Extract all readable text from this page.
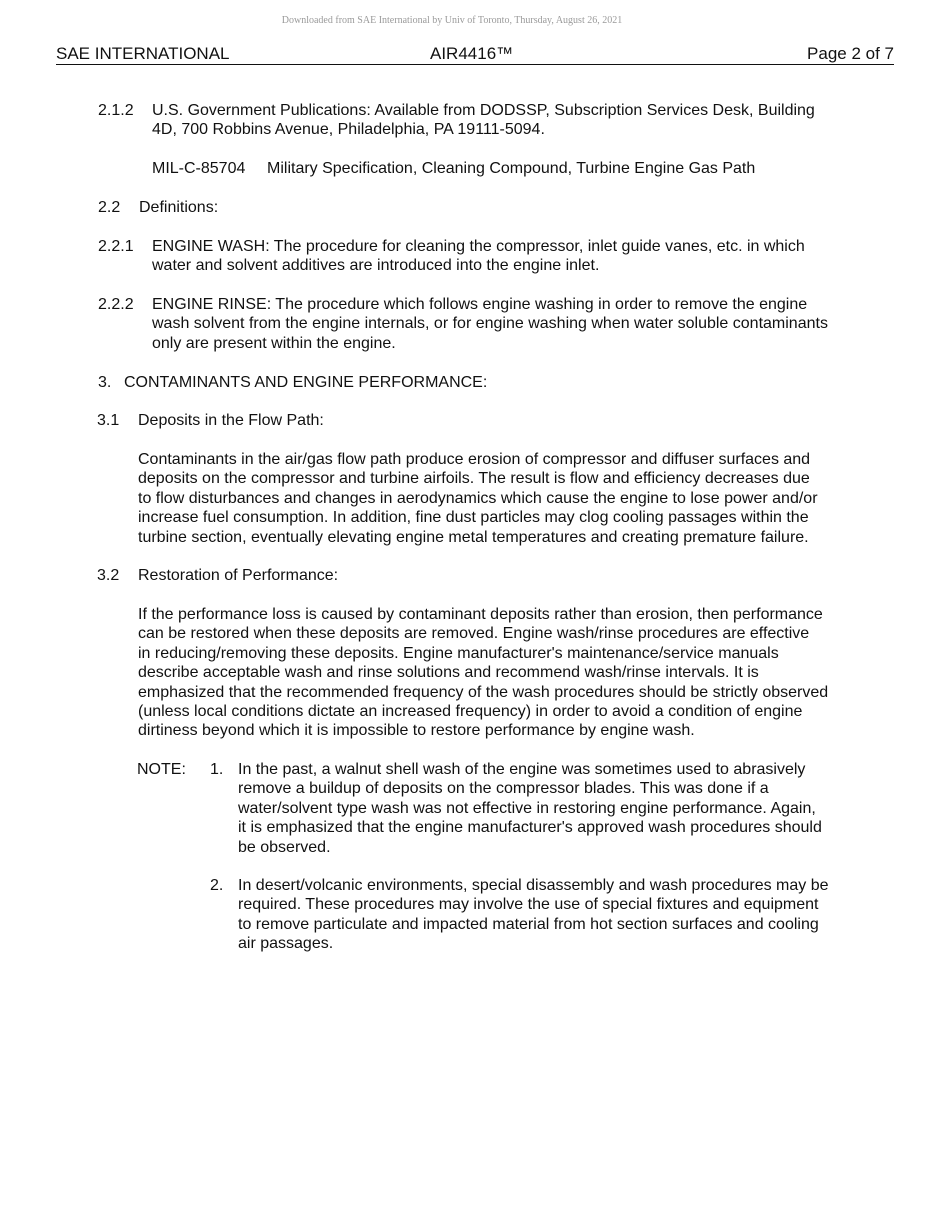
Downloaded from SAE International by Univ of Toronto, Thursday, August 26, 2021
SAE INTERNATIONAL	AIR4416™	Page 2 of 7

2.1.2 U.S. Government Publications: Available from DODSSP, Subscription Services Desk, Building
4D, 700 Robbins Avenue, Philadelphia, PA 19111-5094.

MIL-C-85704 Military Specification, Cleaning Compound, Turbine Engine Gas Path

2.2 Definitions:

2.2.1 ENGINE WASH: The procedure for cleaning the compressor, inlet guide vanes, etc. in which
water and solvent additives are introduced into the engine inlet.

2.2.2 ENGINE RINSE: The procedure which follows engine washing in order to remove the engine
wash solvent from the engine internals, or for engine washing when water soluble contaminants
only are present within the engine.

3. CONTAMINANTS AND ENGINE PERFORMANCE:

3.1 Deposits in the Flow Path:

Contaminants in the air/gas flow path produce erosion of compressor and diffuser surfaces and
deposits on the compressor and turbine airfoils. The result is flow and efficiency decreases due
to flow disturbances and changes in aerodynamics which cause the engine to lose power and/or
increase fuel consumption. In addition, fine dust particles may clog cooling passages within the
turbine section, eventually elevating engine metal temperatures and creating premature failure.

3.2 Restoration of Performance:

If the performance loss is caused by contaminant deposits rather than erosion, then performance
can be restored when these deposits are removed. Engine wash/rinse procedures are effective
in reducing/removing these deposits. Engine manufacturer's maintenance/service manuals
describe acceptable wash and rinse solutions and recommend wash/rinse intervals. It is
emphasized that the recommended frequency of the wash procedures should be strictly observed
(unless local conditions dictate an increased frequency) in order to avoid a condition of engine
dirtiness beyond which it is impossible to restore performance by engine wash.

NOTE: 1. In the past, a walnut shell wash of the engine was sometimes used to abrasively
remove a buildup of deposits on the compressor blades. This was done if a
water/solvent type wash was not effective in restoring engine performance. Again,
it is emphasized that the engine manufacturer's approved wash procedures should
be observed.

2. In desert/volcanic environments, special disassembly and wash procedures may be
required. These procedures may involve the use of special fixtures and equipment
to remove particulate and impacted material from hot section surfaces and cooling
air passages.
